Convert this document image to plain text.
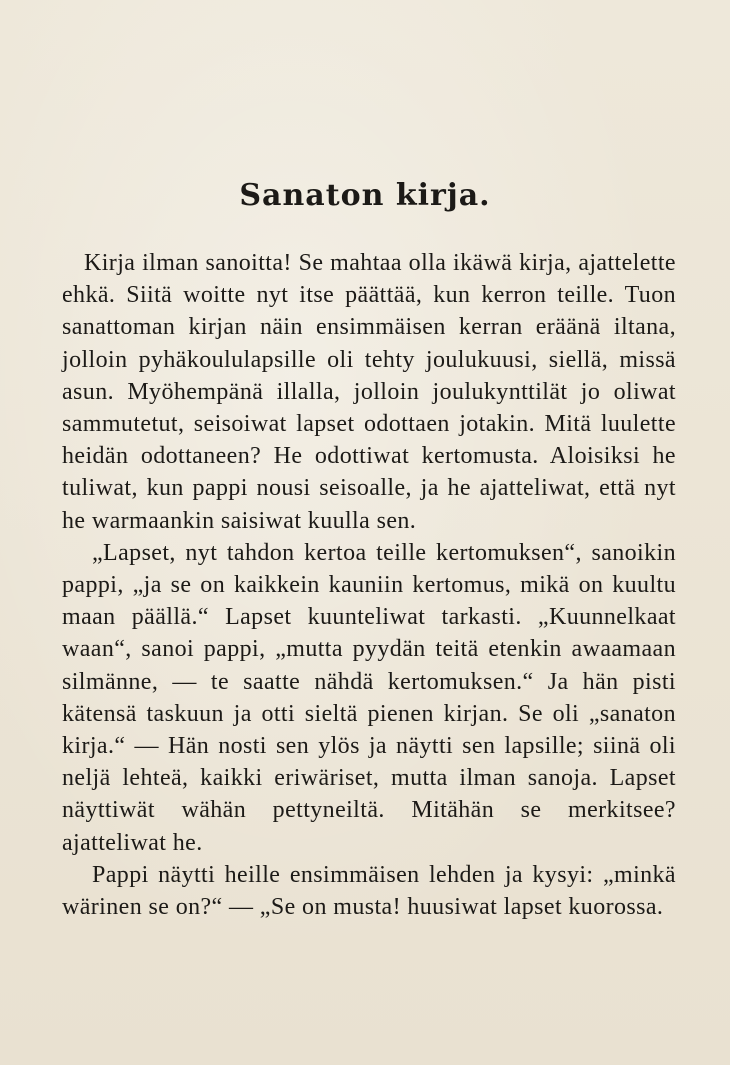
Sanaton kirja.

Kirja ilman sanoitta! Se mahtaa olla ikäwä kirja, ajattelette ehkä. Siitä woitte nyt itse päättää, kun kerron teille. Tuon sanattoman kirjan näin ensimmäisen kerran eräänä iltana, jolloin pyhäkoululapsille oli tehty joulukuusi, siellä, missä asun. Myöhempänä illalla, jolloin joulukynttilät jo oliwat sammutetut, seisoiwat lapset odottaen jotakin. Mitä luulette heidän odottaneen? He odottiwat kertomusta. Aloisiksi he tuliwat, kun pappi nousi seisoalle, ja he ajatteliwat, että nyt he warmaankin saisiwat kuulla sen.

„Lapset, nyt tahdon kertoa teille kertomuksen“, sanoikin pappi, „ja se on kaikkein kauniin kertomus, mikä on kuultu maan päällä.“ Lapset kuunteliwat tarkasti. „Kuunnelkaat waan“, sanoi pappi, „mutta pyydän teitä etenkin awaamaan silmänne, — te saatte nähdä kertomuksen.“ Ja hän pisti kätensä taskuun ja otti sieltä pienen kirjan. Se oli „sanaton kirja.“ — Hän nosti sen ylös ja näytti sen lapsille; siinä oli neljä lehteä, kaikki eriwäriset, mutta ilman sanoja. Lapset näyttiwät wähän pettyneiltä. Mitähän se merkitsee? ajatteliwat he.

Pappi näytti heille ensimmäisen lehden ja kysyi: „minkä wärinen se on?“ — „Se on musta! huusiwat lapset kuorossa.
